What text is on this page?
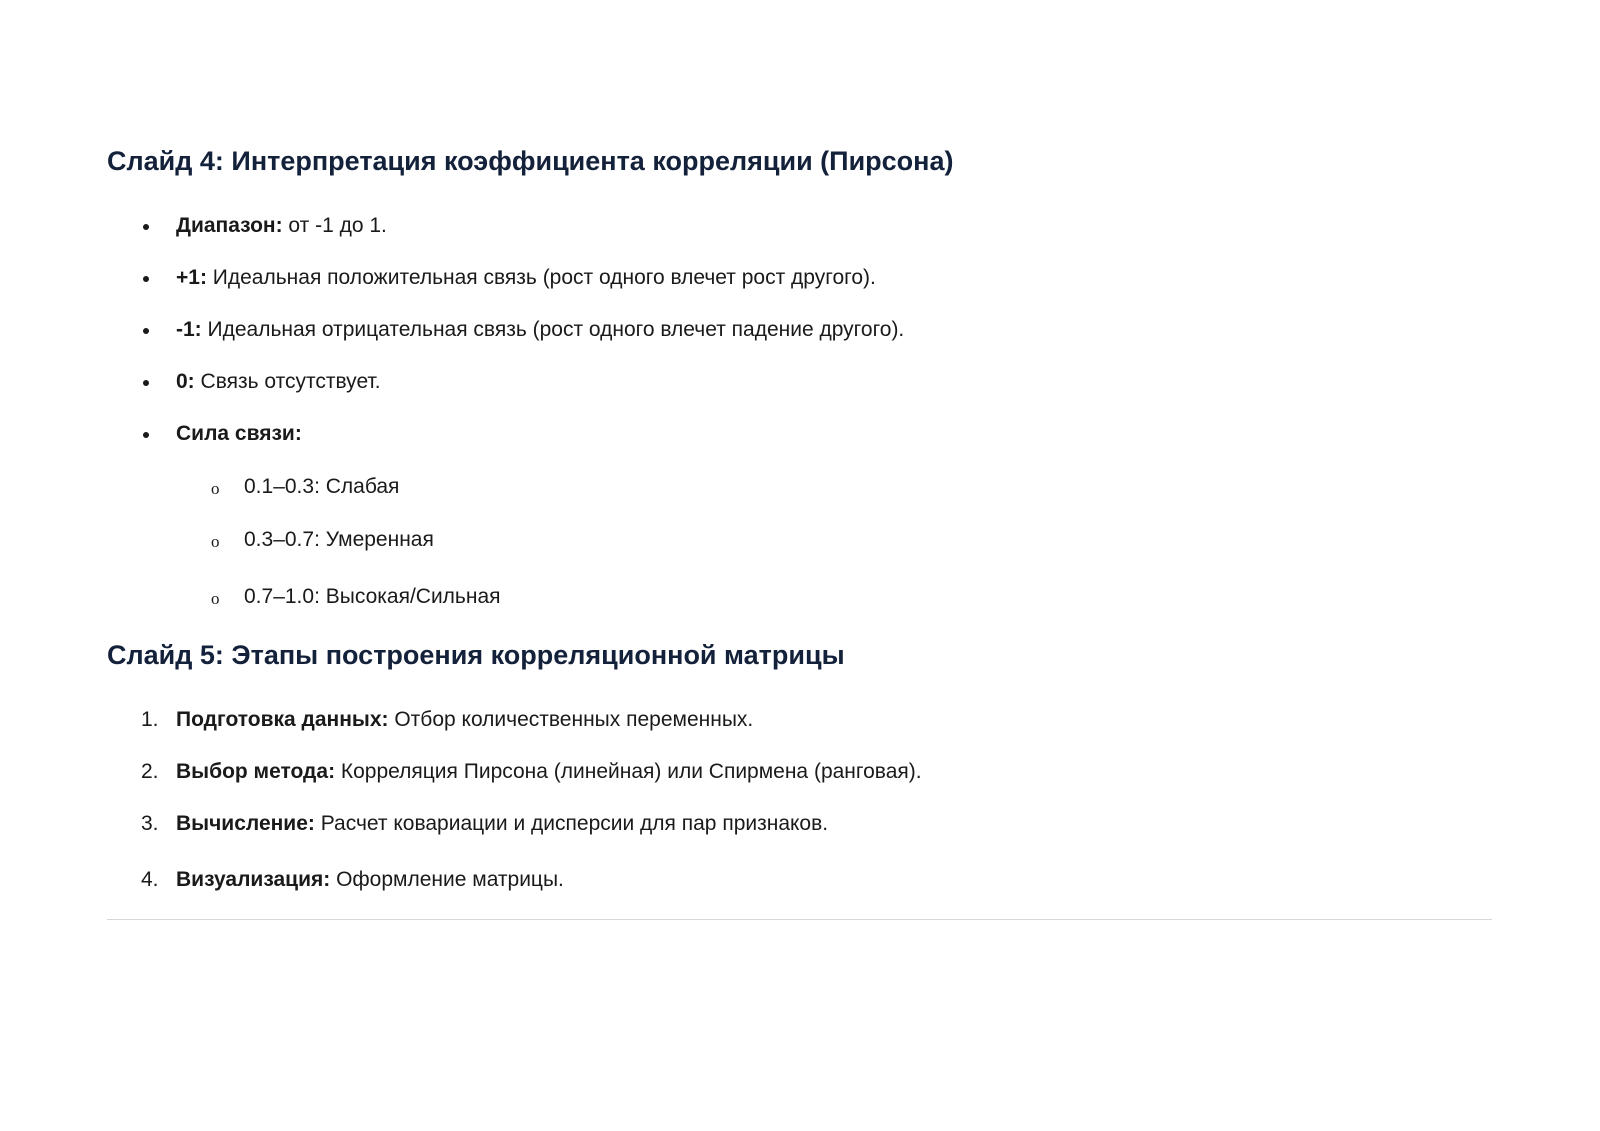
Слайд 4: Интерпретация коэффициента корреляции (Пирсона)
Диапазон: от -1 до 1.
+1: Идеальная положительная связь (рост одного влечет рост другого).
-1: Идеальная отрицательная связь (рост одного влечет падение другого).
0: Связь отсутствует.
Сила связи:
o 0.1–0.3: Слабая
o 0.3–0.7: Умеренная
o 0.7–1.0: Высокая/Сильная
Слайд 5: Этапы построения корреляционной матрицы
1. Подготовка данных: Отбор количественных переменных.
2. Выбор метода: Корреляция Пирсона (линейная) или Спирмена (ранговая).
3. Вычисление: Расчет ковариации и дисперсии для пар признаков.
4. Визуализация: Оформление матрицы.
